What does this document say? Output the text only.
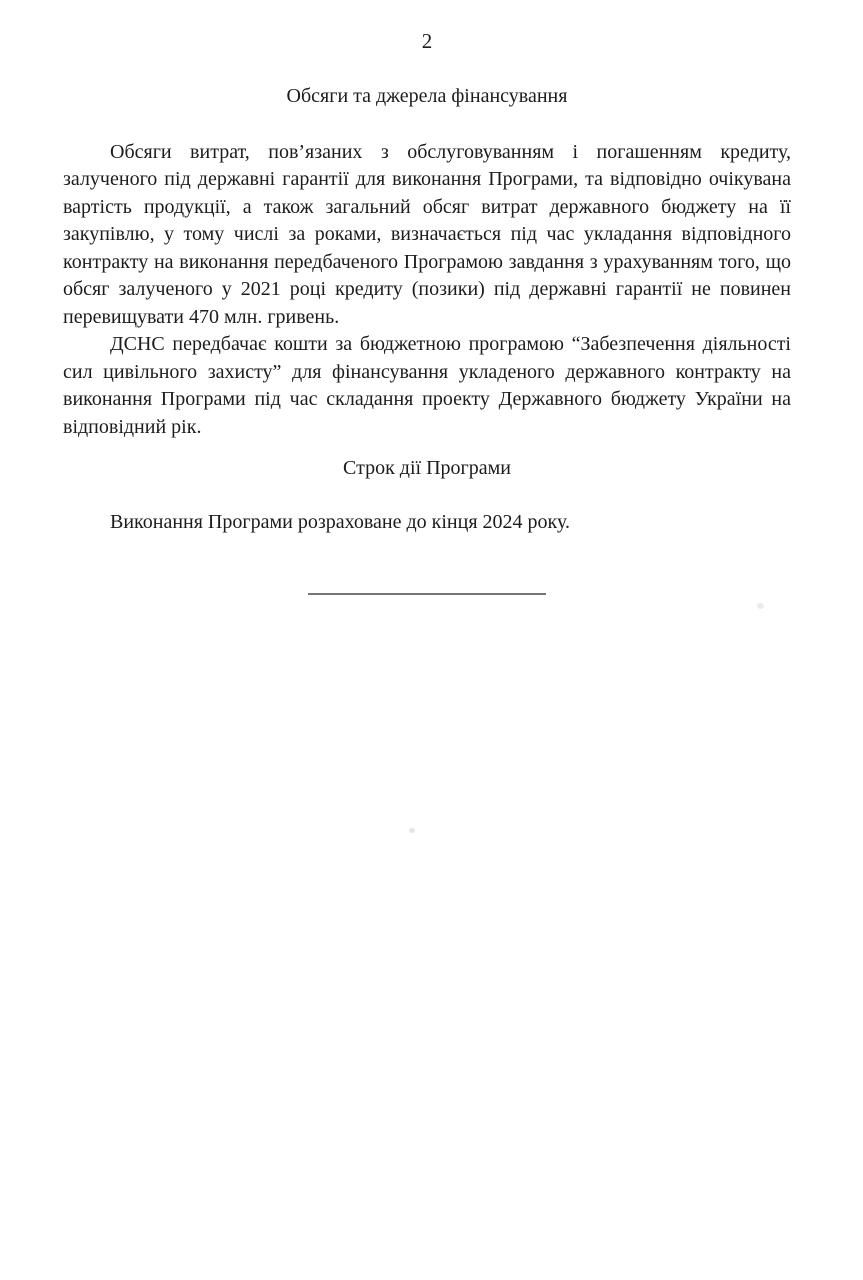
2
Обсяги та джерела фінансування

Обсяги витрат, пов’язаних з обслуговуванням і погашенням кредиту, залученого під державні гарантії для виконання Програми, та відповідно очікувана вартість продукції, а також загальний обсяг витрат державного бюджету на її закупівлю, у тому числі за роками, визначається під час укладання відповідного контракту на виконання передбаченого Програмою завдання з урахуванням того, що обсяг залученого у 2021 році кредиту (позики) під державні гарантії не повинен перевищувати 470 млн. гривень.

ДСНС передбачає кошти за бюджетною програмою “Забезпечення діяльності сил цивільного захисту” для фінансування укладеного державного контракту на виконання Програми під час складання проекту Державного бюджету України на відповідний рік.

Строк дії Програми

Виконання Програми розраховане до кінця 2024 року.
